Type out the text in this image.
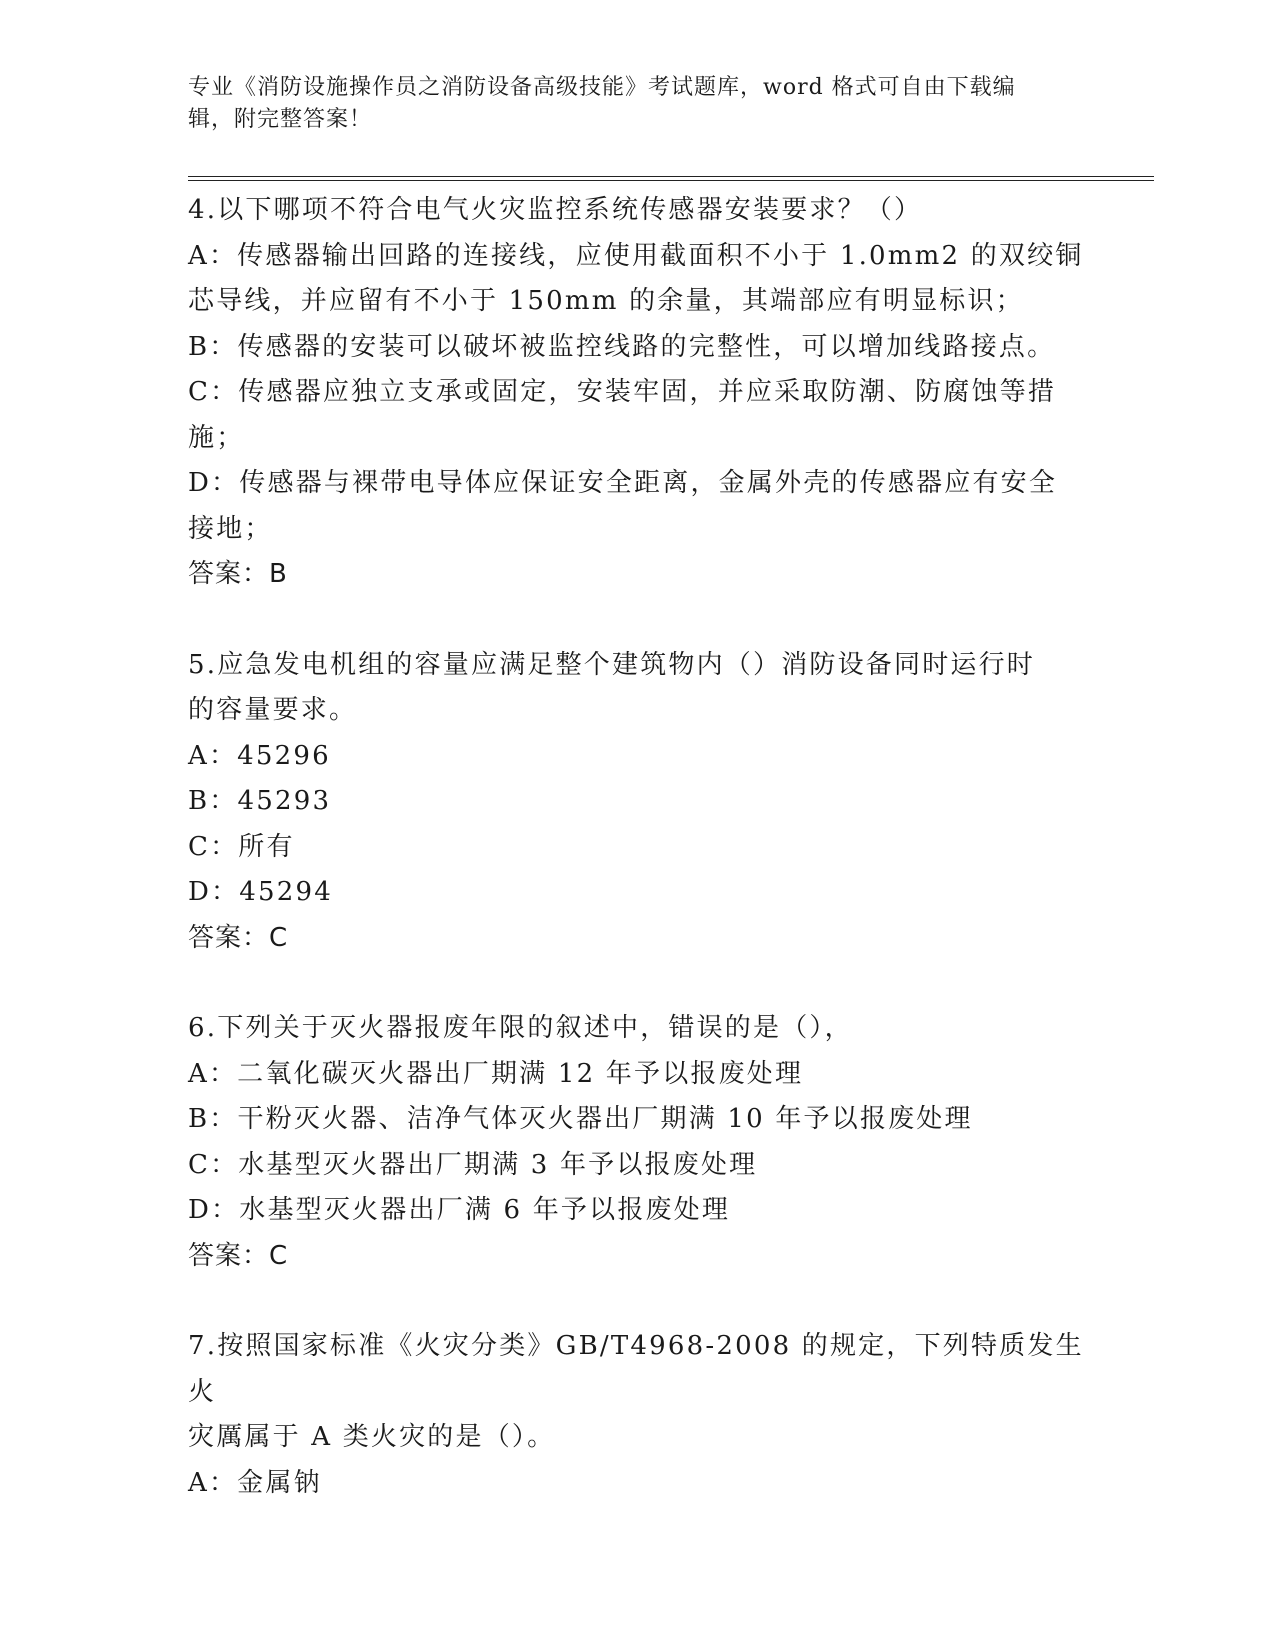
专业《消防设施操作员之消防设备高级技能》考试题库，word 格式可自由下载编
辑，附完整答案！
4.以下哪项不符合电气火灾监控系统传感器安装要求？（）
A：传感器输出回路的连接线，应使用截面积不小于 1.0mm2 的双绞铜
芯导线，并应留有不小于 150mm 的余量，其端部应有明显标识；
B：传感器的安装可以破坏被监控线路的完整性，可以增加线路接点。
C：传感器应独立支承或固定，安装牢固，并应采取防潮、防腐蚀等措
施；
D：传感器与裸带电导体应保证安全距离，金属外壳的传感器应有安全
接地；
答案：B
5.应急发电机组的容量应满足整个建筑物内（）消防设备同时运行时
的容量要求。
A：45296
B：45293
C：所有
D：45294
答案：C
6.下列关于灭火器报废年限的叙述中，错误的是（），
A：二氧化碳灭火器出厂期满 12 年予以报废处理
B：干粉灭火器、洁净气体灭火器出厂期满 10 年予以报废处理
C：水基型灭火器出厂期满 3 年予以报废处理
D：水基型灭火器出厂满 6 年予以报废处理
答案：C
7.按照国家标准《火灾分类》GB/T4968-2008 的规定，下列特质发生火
灾厲属于 A 类火灾的是（）。
A：金属钠
